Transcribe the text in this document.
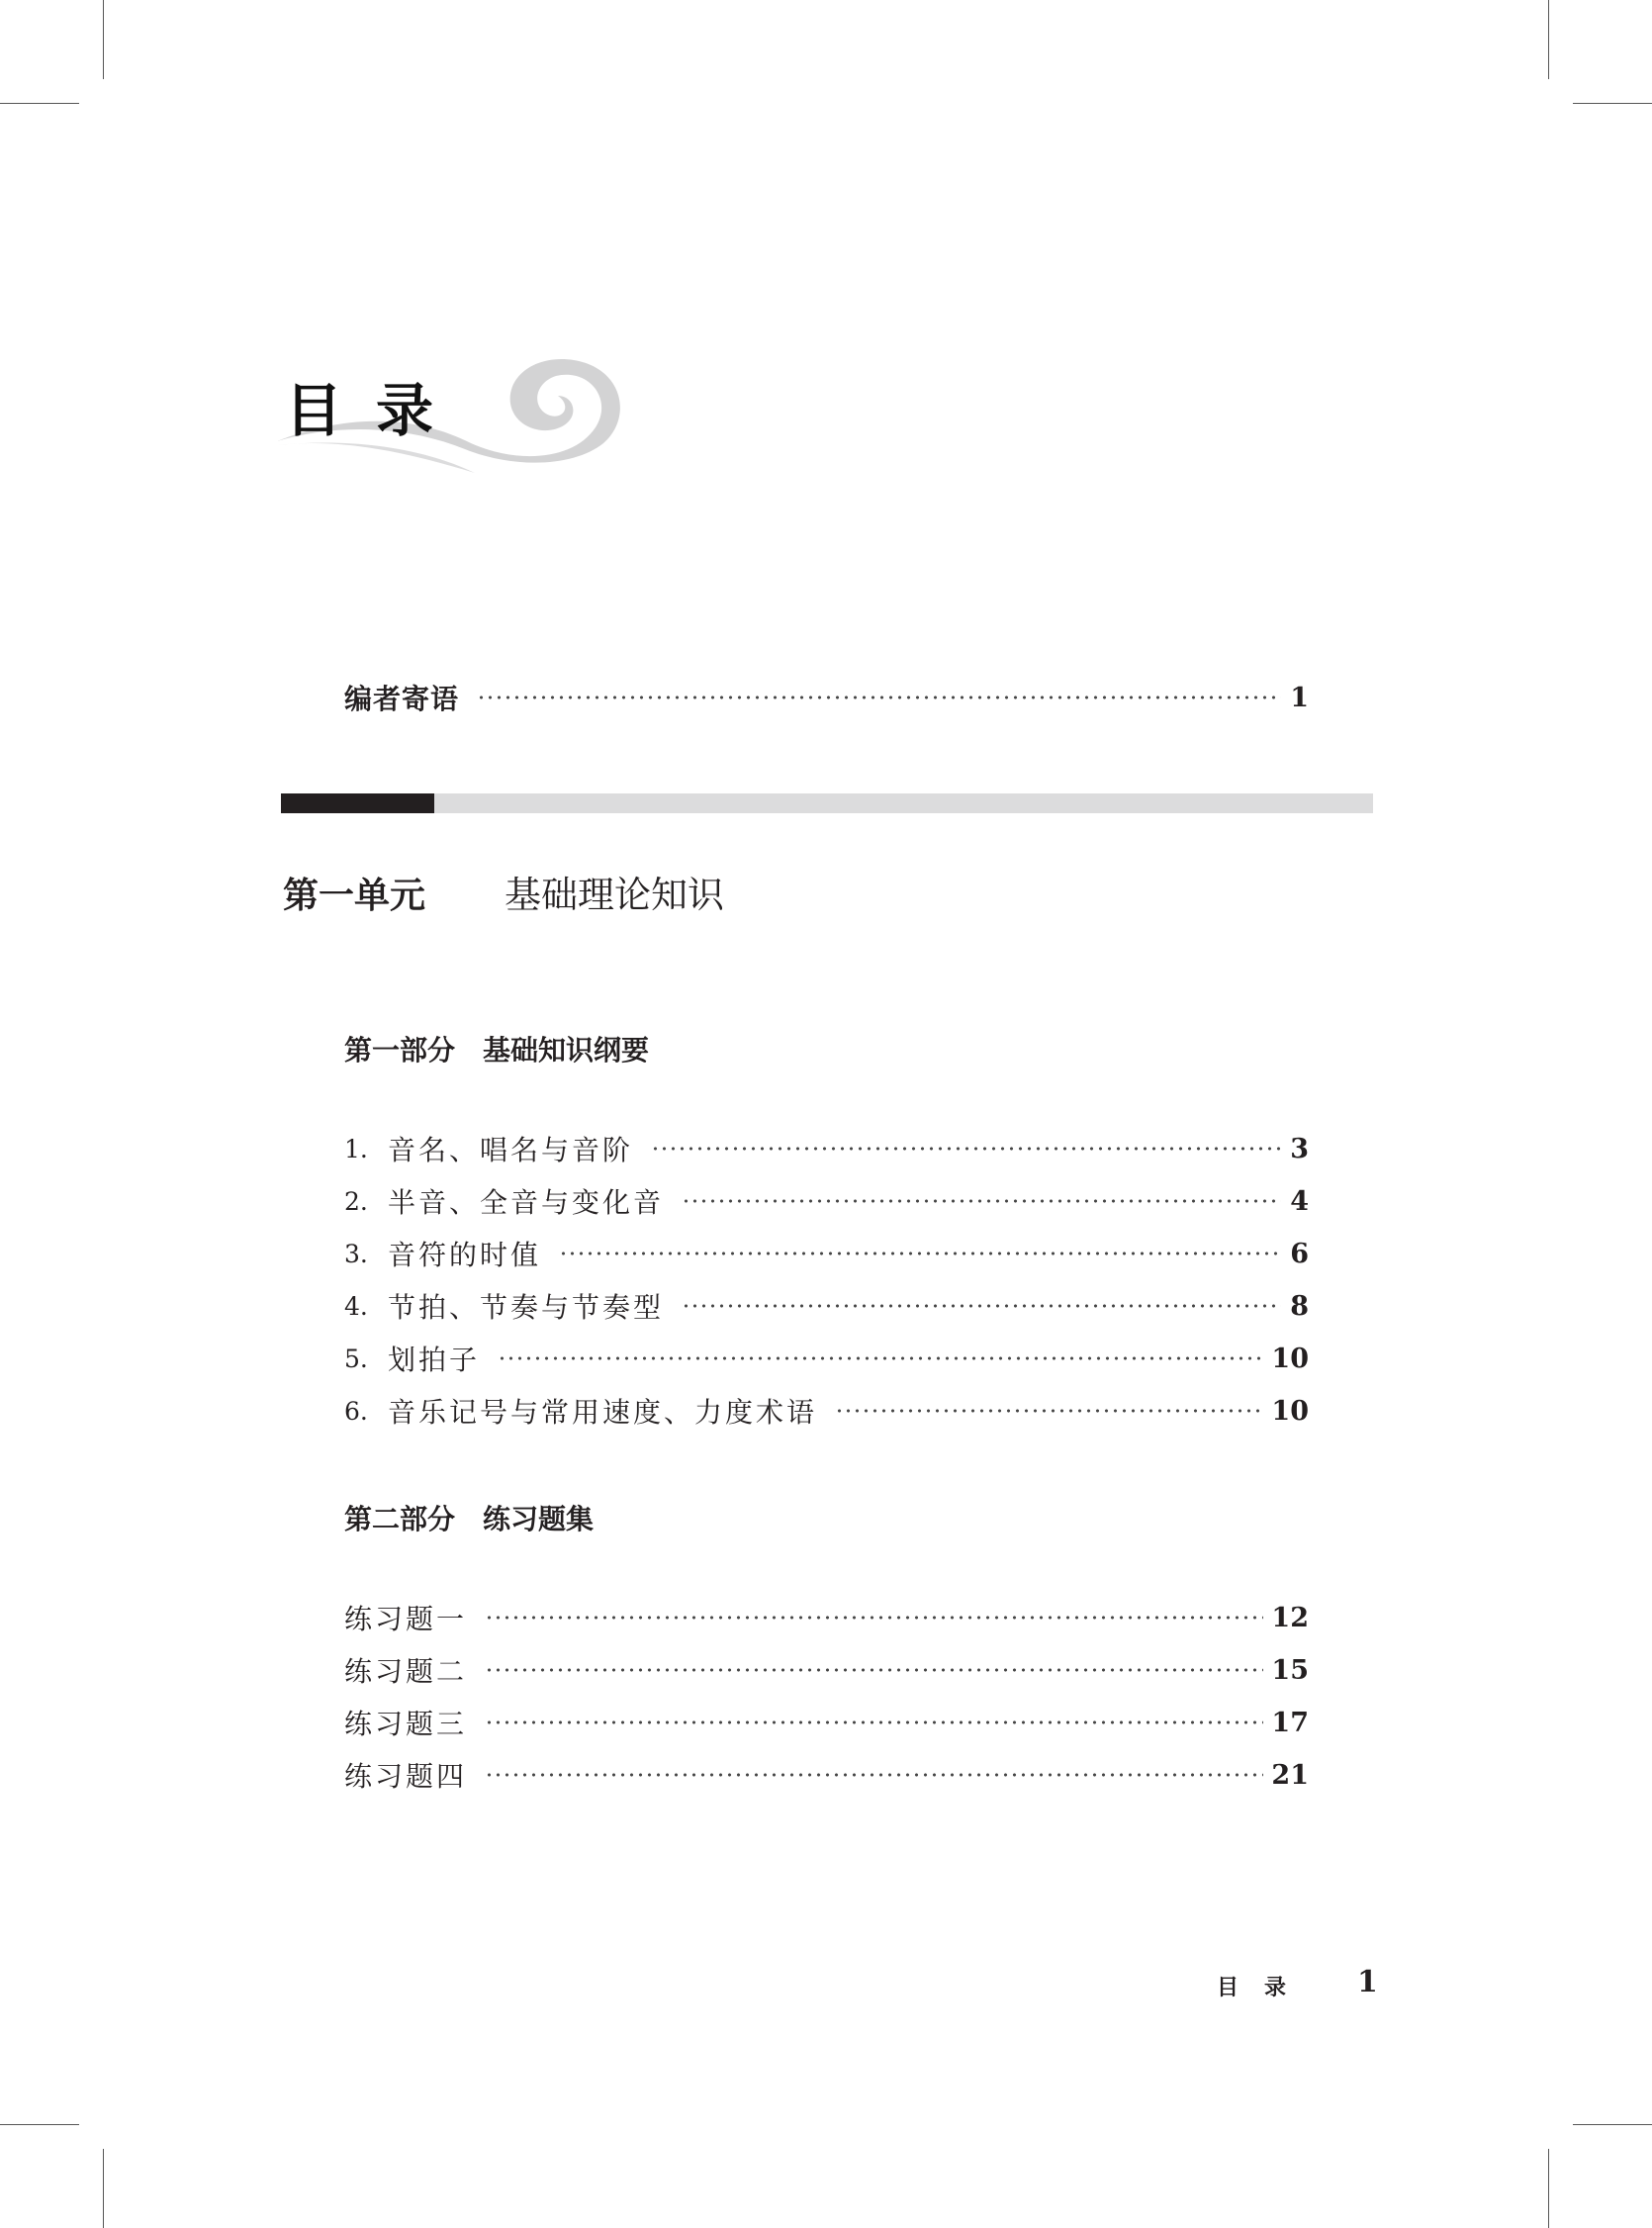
目录
编者寄语	1
第一单元 基础理论知识
第一部分 基础知识纲要
1. 音名、唱名与音阶	3
2. 半音、全音与变化音	4
3. 音符的时值	6
4. 节拍、节奏与节奏型	8
5. 划拍子	10
6. 音乐记号与常用速度、力度术语	10
第二部分 练习题集
练习题一	12
练习题二	15
练习题三	17
练习题四	21
目录 1
